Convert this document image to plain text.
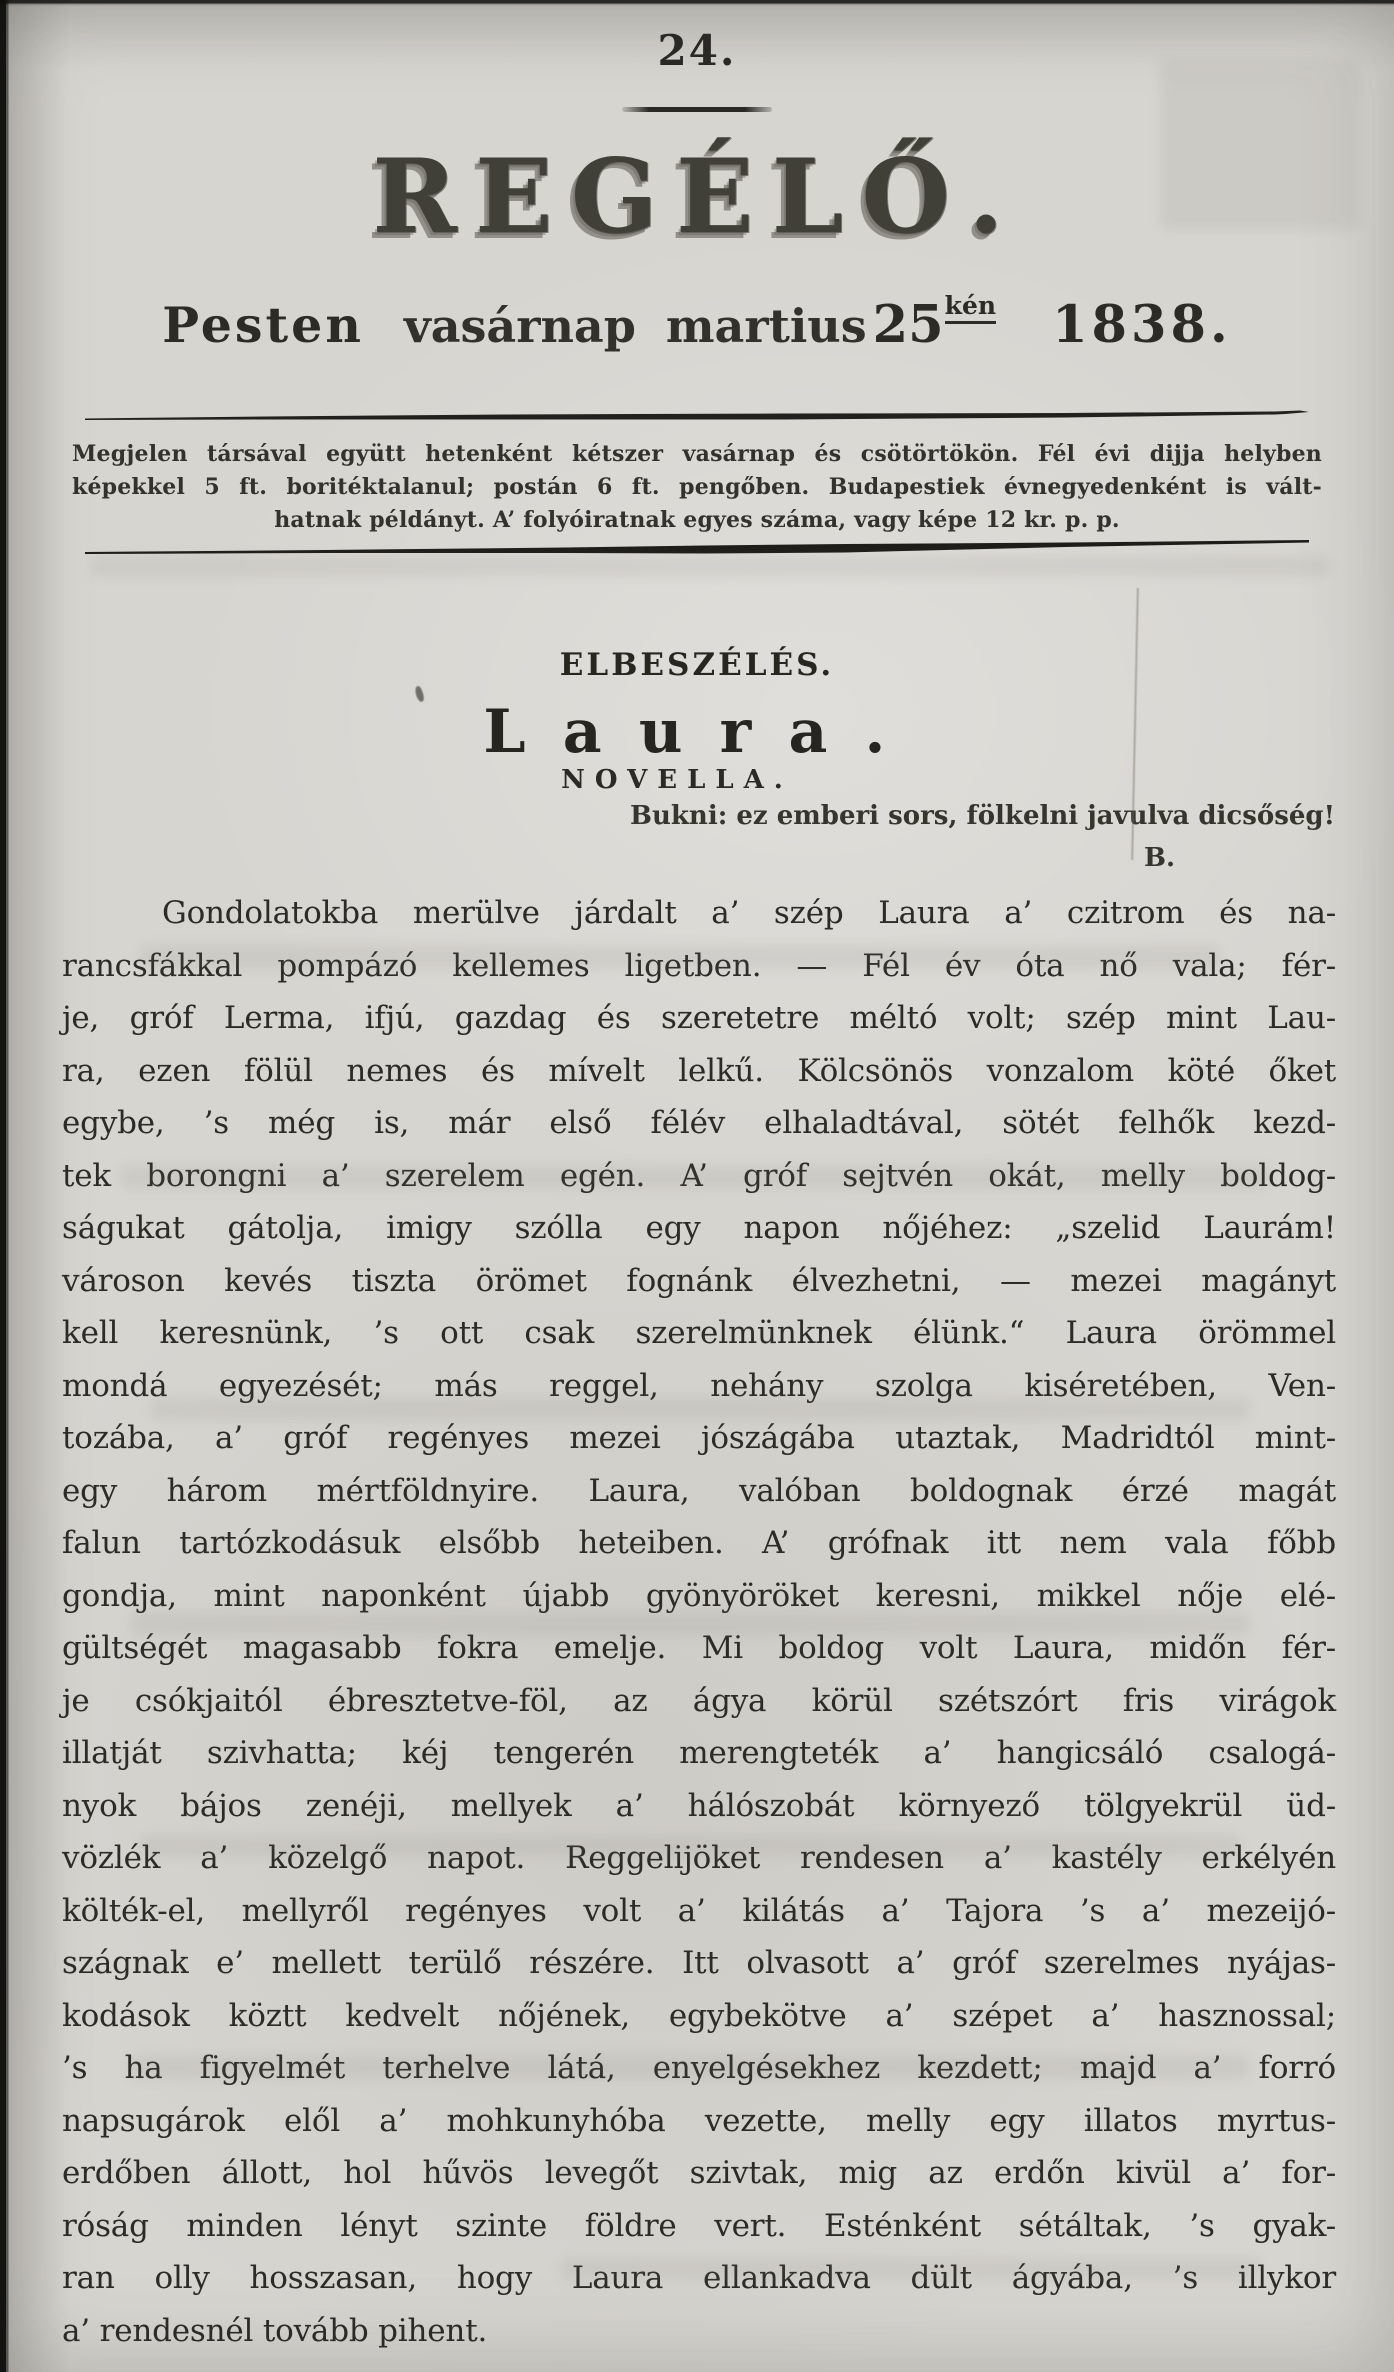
24.
REGÉLŐ.
Pesten vasárnap martius $25^{kén}$ 1838.
Megjelen társával együtt hetenként kétszer vasárnap és csötörtökön. Fél évi dijja helyben
képekkel 5 ft. boritéktalanul; postán 6 ft. pengőben. Budapestiek évnegyedenként is vált-
hatnak példányt. A’ folyóiratnak egyes száma, vagy képe 12 kr. p. p.
ELBESZÉLÉS.
Laura.
NOVELLA.
Bukni: ez emberi sors, fölkelni javulva dicsőség!
B.
Gondolatokba merülve járdalt a’ szép Laura a’ czitrom és na-
rancsfákkal pompázó kellemes ligetben. — Fél év óta nő vala; fér-
je, gróf Lerma, ifjú, gazdag és szeretetre méltó volt; szép mint Lau-
ra, ezen fölül nemes és mívelt lelkű. Kölcsönös vonzalom köté őket
egybe, ’s még is, már első félév elhaladtával, sötét felhők kezd-
tek borongni a’ szerelem egén. A’ gróf sejtvén okát, melly boldog-
ságukat gátolja, imigy szólla egy napon nőjéhez: „szelid Laurám!
városon kevés tiszta örömet fognánk élvezhetni, — mezei magányt
kell keresnünk, ’s ott csak szerelmünknek élünk.“ Laura örömmel
mondá egyezését; más reggel, nehány szolga kiséretében, Ven-
tozába, a’ gróf regényes mezei jószágába utaztak, Madridtól mint-
egy három mértföldnyire. Laura, valóban boldognak érzé magát
falun tartózkodásuk elsőbb heteiben. A’ grófnak itt nem vala főbb
gondja, mint naponként újabb gyönyöröket keresni, mikkel nője elé-
gültségét magasabb fokra emelje. Mi boldog volt Laura, midőn fér-
je csókjaitól ébresztetve-föl, az ágya körül szétszórt fris virágok
illatját szivhatta; kéj tengerén merengteték a’ hangicsáló csalogá-
nyok bájos zenéji, mellyek a’ hálószobát környező tölgyekrül üd-
vözlék a’ közelgő napot. Reggelijöket rendesen a’ kastély erkélyén
költék-el, mellyről regényes volt a’ kilátás a’ Tajora ’s a’ mezeijó-
szágnak e’ mellett terülő részére. Itt olvasott a’ gróf szerelmes nyájas-
kodások köztt kedvelt nőjének, egybekötve a’ szépet a’ hasznossal;
’s ha figyelmét terhelve látá, enyelgésekhez kezdett; majd a’ forró
napsugárok elől a’ mohkunyhóba vezette, melly egy illatos myrtus-
erdőben állott, hol hűvös levegőt szivtak, mig az erdőn kivül a’ for-
róság minden lényt szinte földre vert. Esténként sétáltak, ’s gyak-
ran olly hosszasan, hogy Laura ellankadva dült ágyába, ’s illykor
a’ rendesnél tovább pihent.
